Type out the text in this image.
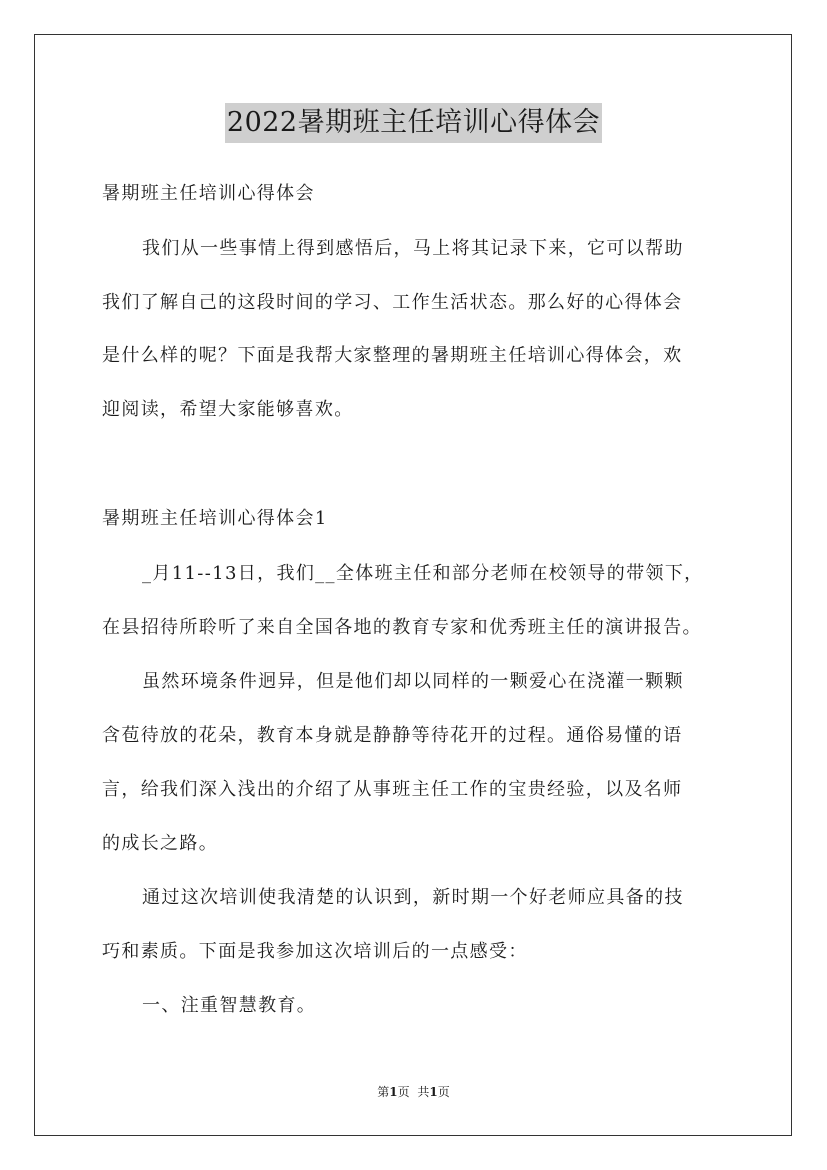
2022暑期班主任培训心得体会
暑期班主任培训心得体会
我们从一些事情上得到感悟后，马上将其记录下来，它可以帮助
我们了解自己的这段时间的学习、工作生活状态。那么好的心得体会
是什么样的呢？下面是我帮大家整理的暑期班主任培训心得体会，欢
迎阅读，希望大家能够喜欢。
暑期班主任培训心得体会1
_月11--13日，我们__全体班主任和部分老师在校领导的带领下，
在县招待所聆听了来自全国各地的教育专家和优秀班主任的演讲报告。
虽然环境条件迥异，但是他们却以同样的一颗爱心在浇灌一颗颗
含苞待放的花朵，教育本身就是静静等待花开的过程。通俗易懂的语
言，给我们深入浅出的介绍了从事班主任工作的宝贵经验，以及名师
的成长之路。
通过这次培训使我清楚的认识到，新时期一个好老师应具备的技
巧和素质。下面是我参加这次培训后的一点感受：
一、注重智慧教育。
第1页 共1页
